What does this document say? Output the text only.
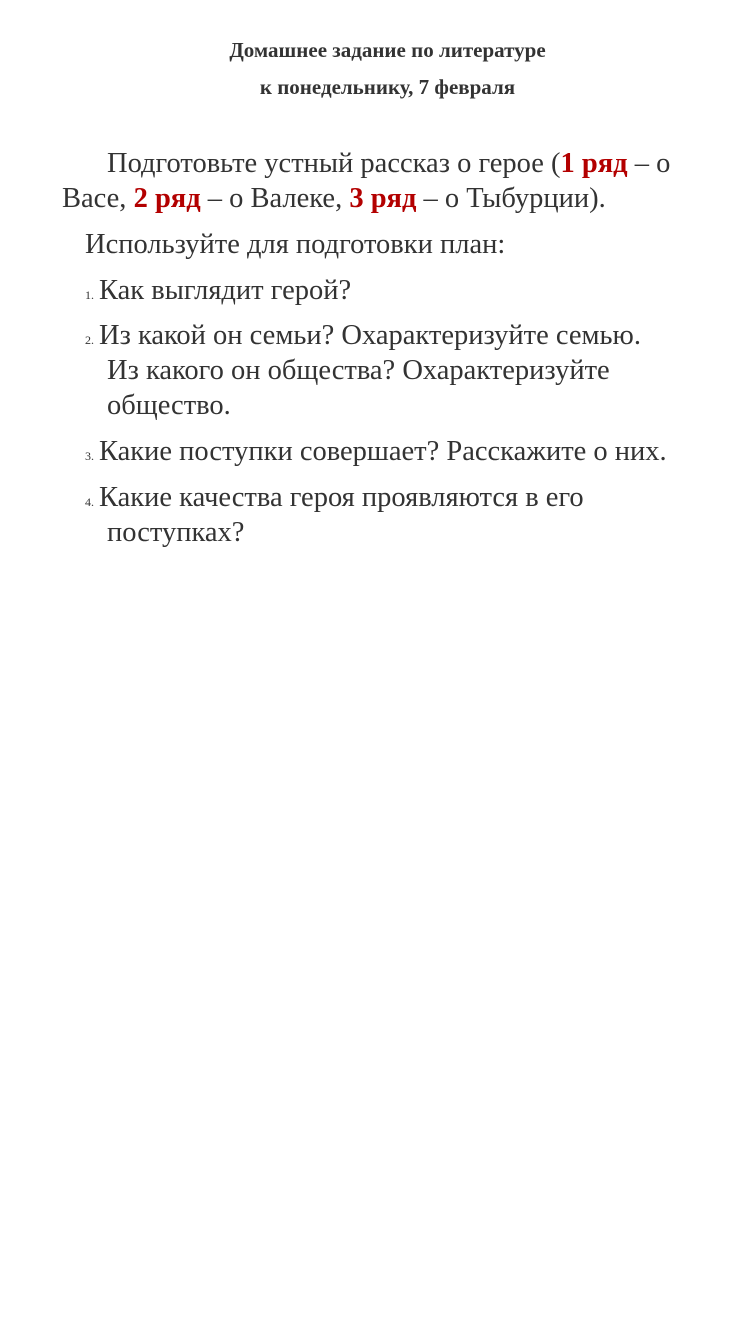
Домашнее задание по литературе
к понедельнику, 7 февраля

Подготовьте устный рассказ о герое (1 ряд – о Васе, 2 ряд – о Валеке, 3 ряд – о Тыбурции).

Используйте для подготовки план:
1. Как выглядит герой?
2. Из какой он семьи? Охарактеризуйте семью.
Из какого он общества? Охарактеризуйте общество.
3. Какие поступки совершает? Расскажите о них.
4. Какие качества героя проявляются в его
поступках?
